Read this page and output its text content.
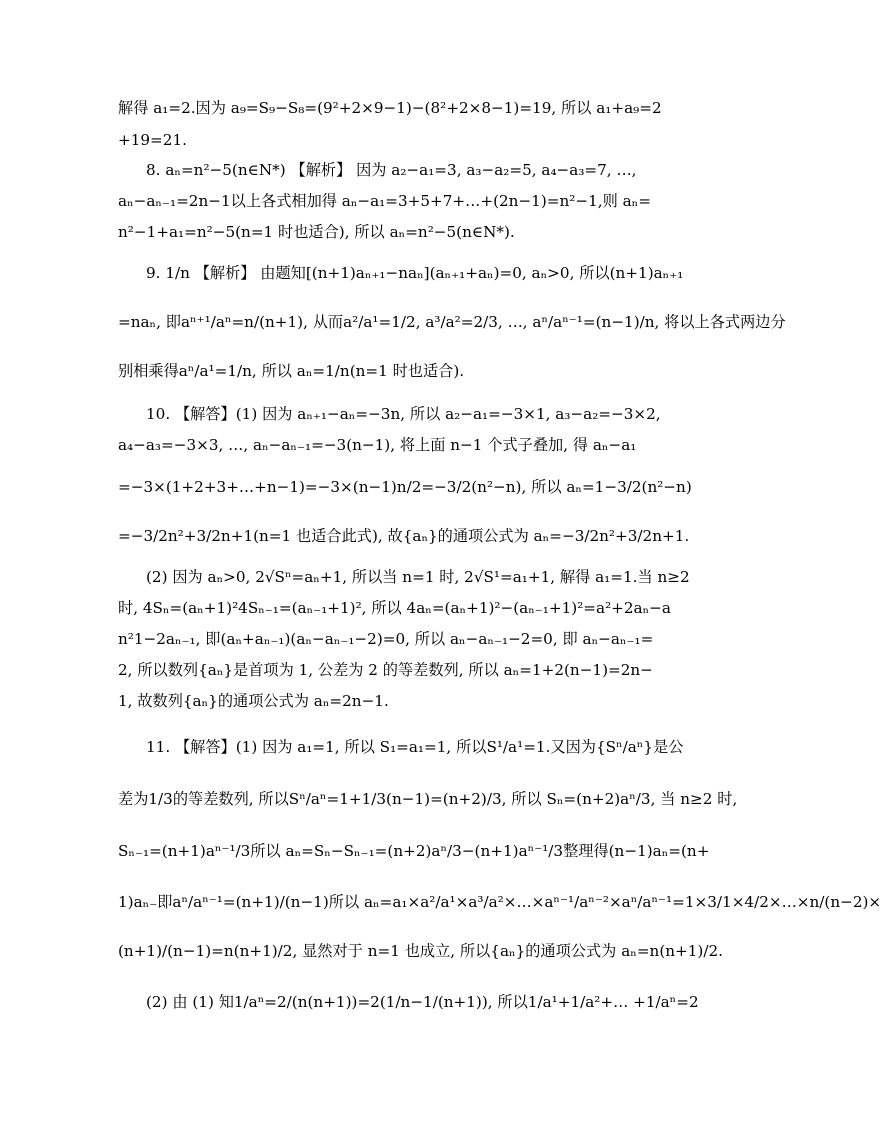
解得 a₁=2.因为 a₉=S₉−S₈=(9²+2×9−1)−(8²+2×8−1)=19, 所以 a₁+a₉=2
+19=21.
8. aₙ=n²−5(n∈N*) 【解析】 因为 a₂−a₁=3, a₃−a₂=5, a₄−a₃=7, …,
aₙ−aₙ₋₁=2n−1以上各式相加得 aₙ−a₁=3+5+7+…+(2n−1)=n²−1,则 aₙ=
n²−1+a₁=n²−5(n=1 时也适合), 所以 aₙ=n²−5(n∈N*).
9. 1/n 【解析】 由题知[(n+1)aₙ₊₁−naₙ](aₙ₊₁+aₙ)=0, aₙ>0, 所以(n+1)aₙ₊₁
=naₙ, 即aⁿ⁺¹/aⁿ=n/(n+1), 从而a²/a¹=1/2, a³/a²=2/3, …, aⁿ/aⁿ⁻¹=(n−1)/n, 将以上各式两边分
别相乘得aⁿ/a¹=1/n, 所以 aₙ=1/n(n=1 时也适合).
10. 【解答】(1) 因为 aₙ₊₁−aₙ=−3n, 所以 a₂−a₁=−3×1, a₃−a₂=−3×2,
a₄−a₃=−3×3, …, aₙ−aₙ₋₁=−3(n−1), 将上面 n−1 个式子叠加, 得 aₙ−a₁
=−3×(1+2+3+…+n−1)=−3×(n−1)n/2=−3/2(n²−n), 所以 aₙ=1−3/2(n²−n)
=−3/2n²+3/2n+1(n=1 也适合此式), 故{aₙ}的通项公式为 aₙ=−3/2n²+3/2n+1.
(2) 因为 aₙ>0, 2√Sⁿ=aₙ+1, 所以当 n=1 时, 2√S¹=a₁+1, 解得 a₁=1.当 n≥2
时, 4Sₙ=(aₙ+1)²4Sₙ₋₁=(aₙ₋₁+1)², 所以 4aₙ=(aₙ+1)²−(aₙ₋₁+1)²=a²+2aₙ−a
n²1−2aₙ₋₁, 即(aₙ+aₙ₋₁)(aₙ−aₙ₋₁−2)=0, 所以 aₙ−aₙ₋₁−2=0, 即 aₙ−aₙ₋₁=
2, 所以数列{aₙ}是首项为 1, 公差为 2 的等差数列, 所以 aₙ=1+2(n−1)=2n−
1, 故数列{aₙ}的通项公式为 aₙ=2n−1.
11. 【解答】(1) 因为 a₁=1, 所以 S₁=a₁=1, 所以S¹/a¹=1.又因为{Sⁿ/aⁿ}是公
差为1/3的等差数列, 所以Sⁿ/aⁿ=1+1/3(n−1)=(n+2)/3, 所以 Sₙ=(n+2)aⁿ/3, 当 n≥2 时,
Sₙ₋₁=(n+1)aⁿ⁻¹/3所以 aₙ=Sₙ−Sₙ₋₁=(n+2)aⁿ/3−(n+1)aⁿ⁻¹/3整理得(n−1)aₙ=(n+
1)aₙ₋即aⁿ/aⁿ⁻¹=(n+1)/(n−1)所以 aₙ=a₁×a²/a¹×a³/a²×…×aⁿ⁻¹/aⁿ⁻²×aⁿ/aⁿ⁻¹=1×3/1×4/2×…×n/(n−2)×
(n+1)/(n−1)=n(n+1)/2, 显然对于 n=1 也成立, 所以{aₙ}的通项公式为 aₙ=n(n+1)/2.
(2) 由 (1) 知1/aⁿ=2/(n(n+1))=2(1/n−1/(n+1)), 所以1/a¹+1/a²+… +1/aⁿ=2
